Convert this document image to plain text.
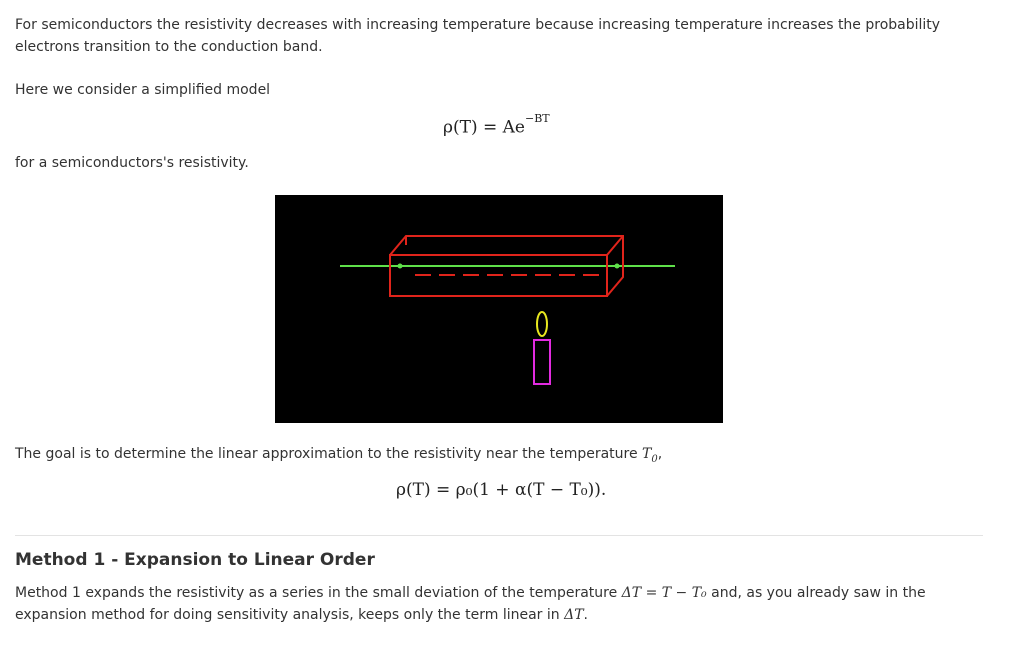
For semiconductors the resistivity decreases with increasing temperature because increasing temperature increases the probability electrons transition to the conduction band.
Here we consider a simplified model
$\rho(T) = Ae^{-BT}$
for a semiconductors's resistivity.
The goal is to determine the linear approximation to the resistivity near the temperature $T_0$,
ρ(T) = ρ₀(1 + α(T − T₀)).
Method 1 - Expansion to Linear Order
Method 1 expands the resistivity as a series in the small deviation of the temperature ΔT = T − T₀ and, as you already saw in the expansion method for doing sensitivity analysis, keeps only the term linear in ΔT.
